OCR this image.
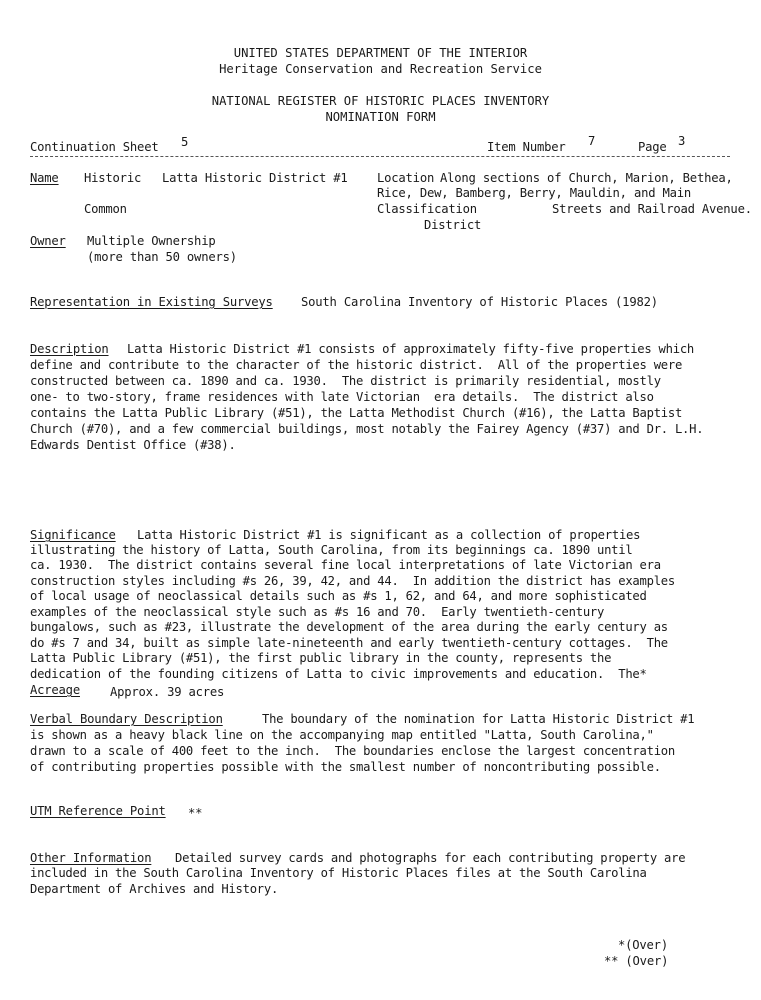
UNITED STATES DEPARTMENT OF THE INTERIOR
Heritage Conservation and Recreation Service
NATIONAL REGISTER OF HISTORIC PLACES INVENTORY
NOMINATION FORM
Continuation Sheet 5	Item Number 7	Page 3
Name Historic Latta Historic District #1
Common
Location Along sections of Church, Marion, Bethea,
Rice, Dew, Bamberg, Berry, Mauldin, and Main
Classification	Streets and Railroad Avenue.
District
Owner Multiple Ownership
(more than 50 owners)
Representation in Existing Surveys South Carolina Inventory of Historic Places (1982)
Description Latta Historic District #1 consists of approximately fifty-five properties which
define and contribute to the character of the historic district.  All of the properties were
constructed between ca. 1890 and ca. 1930.  The district is primarily residential, mostly
one- to two-story, frame residences with late Victorian  era details.  The district also
contains the Latta Public Library (#51), the Latta Methodist Church (#16), the Latta Baptist
Church (#70), and a few commercial buildings, most notably the Fairey Agency (#37) and Dr. L.H.
Edwards Dentist Office (#38).
Significance Latta Historic District #1 is significant as a collection of properties
illustrating the history of Latta, South Carolina, from its beginnings ca. 1890 until
ca. 1930.  The district contains several fine local interpretations of late Victorian era
construction styles including #s 26, 39, 42, and 44.  In addition the district has examples
of local usage of neoclassical details such as #s 1, 62, and 64, and more sophisticated
examples of the neoclassical style such as #s 16 and 70.  Early twentieth-century
bungalows, such as #23, illustrate the development of the area during the early century as
do #s 7 and 34, built as simple late-nineteenth and early twentieth-century cottages.  The
Latta Public Library (#51), the first public library in the county, represents the
dedication of the founding citizens of Latta to civic improvements and education.  The*
Acreage Approx. 39 acres
Verbal Boundary Description	The boundary of the nomination for Latta Historic District #1
is shown as a heavy black line on the accompanying map entitled "Latta, South Carolina,"
drawn to a scale of 400 feet to the inch.  The boundaries enclose the largest concentration
of contributing properties possible with the smallest number of noncontributing possible.
UTM Reference Point **
Other Information Detailed survey cards and photographs for each contributing property are
included in the South Carolina Inventory of Historic Places files at the South Carolina
Department of Archives and History.
*(Over)
** (Over)
